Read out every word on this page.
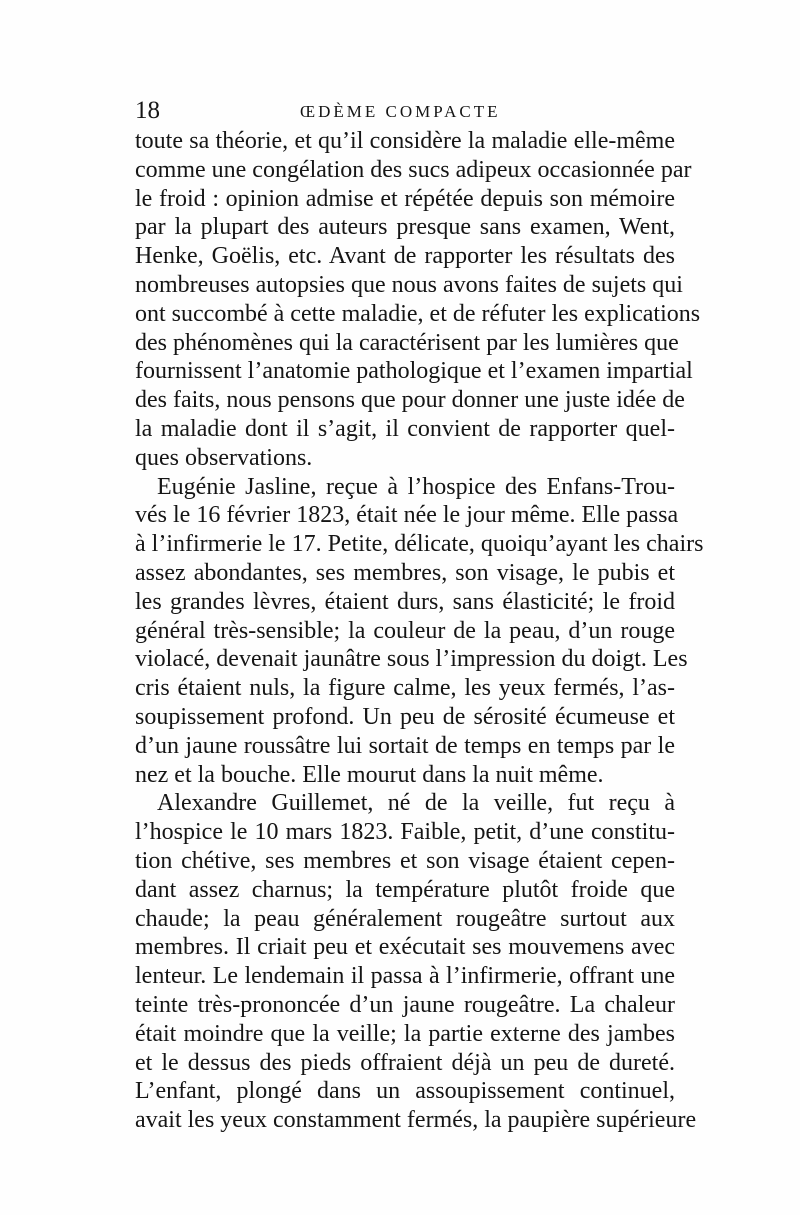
18	ŒDÈME COMPACTE
toute sa théorie, et qu’il considère la maladie elle-même
comme une congélation des sucs adipeux occasionnée par
le froid : opinion admise et répétée depuis son mémoire
par la plupart des auteurs presque sans examen, Went,
Henke, Goëlis, etc. Avant de rapporter les résultats des
nombreuses autopsies que nous avons faites de sujets qui
ont succombé à cette maladie, et de réfuter les explications
des phénomènes qui la caractérisent par les lumières que
fournissent l’anatomie pathologique et l’examen impartial
des faits, nous pensons que pour donner une juste idée de
la maladie dont il s’agit, il convient de rapporter quel-
ques observations.
Eugénie Jasline, reçue à l’hospice des Enfans-Trou-
vés le 16 février 1823, était née le jour même. Elle passa
à l’infirmerie le 17. Petite, délicate, quoiqu’ayant les chairs
assez abondantes, ses membres, son visage, le pubis et
les grandes lèvres, étaient durs, sans élasticité; le froid
général très-sensible; la couleur de la peau, d’un rouge
violacé, devenait jaunâtre sous l’impression du doigt. Les
cris étaient nuls, la figure calme, les yeux fermés, l’as-
soupissement profond. Un peu de sérosité écumeuse et
d’un jaune roussâtre lui sortait de temps en temps par le
nez et la bouche. Elle mourut dans la nuit même.
Alexandre Guillemet, né de la veille, fut reçu à
l’hospice le 10 mars 1823. Faible, petit, d’une constitu-
tion chétive, ses membres et son visage étaient cepen-
dant assez charnus; la température plutôt froide que
chaude; la peau généralement rougeâtre surtout aux
membres. Il criait peu et exécutait ses mouvemens avec
lenteur. Le lendemain il passa à l’infirmerie, offrant une
teinte très-prononcée d’un jaune rougeâtre. La chaleur
était moindre que la veille; la partie externe des jambes
et le dessus des pieds offraient déjà un peu de dureté.
L’enfant, plongé dans un assoupissement continuel,
avait les yeux constamment fermés, la paupière supérieure
